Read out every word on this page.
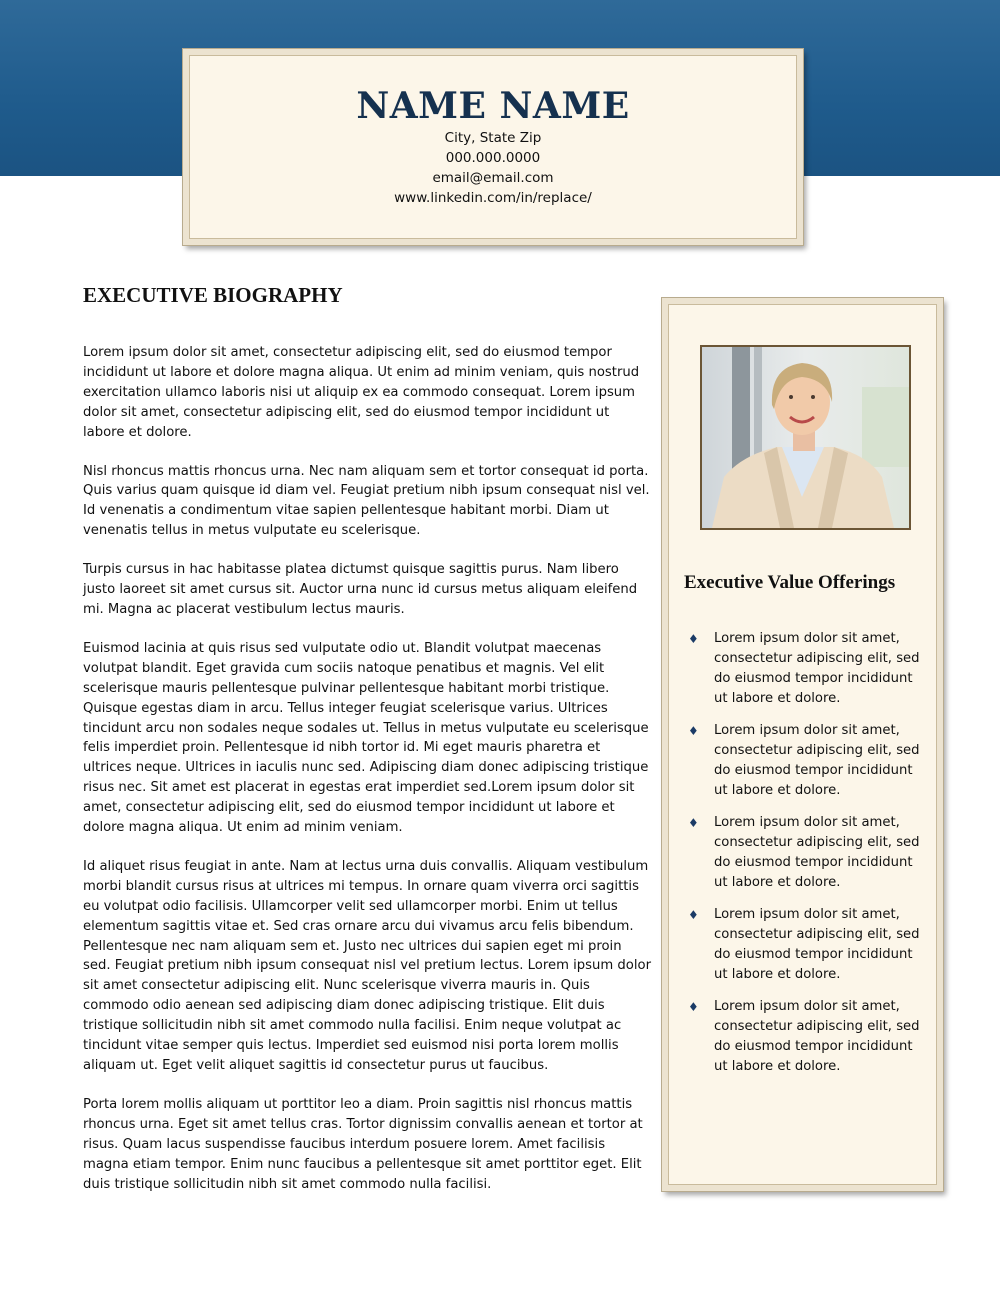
NAME NAME
City, State Zip
000.000.0000
email@email.com
www.linkedin.com/in/replace/
EXECUTIVE BIOGRAPHY

Lorem ipsum dolor sit amet, consectetur adipiscing elit, sed do eiusmod tempor incididunt ut labore et dolore magna aliqua. Ut enim ad minim veniam, quis nostrud exercitation ullamco laboris nisi ut aliquip ex ea commodo consequat. Lorem ipsum dolor sit amet, consectetur adipiscing elit, sed do eiusmod tempor incididunt ut labore et dolore.

Nisl rhoncus mattis rhoncus urna. Nec nam aliquam sem et tortor consequat id porta. Quis varius quam quisque id diam vel. Feugiat pretium nibh ipsum consequat nisl vel. Id venenatis a condimentum vitae sapien pellentesque habitant morbi. Diam ut venenatis tellus in metus vulputate eu scelerisque.

Turpis cursus in hac habitasse platea dictumst quisque sagittis purus. Nam libero justo laoreet sit amet cursus sit. Auctor urna nunc id cursus metus aliquam eleifend mi. Magna ac placerat vestibulum lectus mauris.

Euismod lacinia at quis risus sed vulputate odio ut. Blandit volutpat maecenas volutpat blandit. Eget gravida cum sociis natoque penatibus et magnis. Vel elit scelerisque mauris pellentesque pulvinar pellentesque habitant morbi tristique. Quisque egestas diam in arcu. Tellus integer feugiat scelerisque varius. Ultrices tincidunt arcu non sodales neque sodales ut. Tellus in metus vulputate eu scelerisque felis imperdiet proin. Pellentesque id nibh tortor id. Mi eget mauris pharetra et ultrices neque. Ultrices in iaculis nunc sed. Adipiscing diam donec adipiscing tristique risus nec. Sit amet est placerat in egestas erat imperdiet sed.Lorem ipsum dolor sit amet, consectetur adipiscing elit, sed do eiusmod tempor incididunt ut labore et dolore magna aliqua. Ut enim ad minim veniam.

Id aliquet risus feugiat in ante. Nam at lectus urna duis convallis. Aliquam vestibulum morbi blandit cursus risus at ultrices mi tempus. In ornare quam viverra orci sagittis eu volutpat odio facilisis. Ullamcorper velit sed ullamcorper morbi. Enim ut tellus elementum sagittis vitae et. Sed cras ornare arcu dui vivamus arcu felis bibendum. Pellentesque nec nam aliquam sem et. Justo nec ultrices dui sapien eget mi proin sed. Feugiat pretium nibh ipsum consequat nisl vel pretium lectus. Lorem ipsum dolor sit amet consectetur adipiscing elit. Nunc scelerisque viverra mauris in. Quis commodo odio aenean sed adipiscing diam donec adipiscing tristique. Elit duis tristique sollicitudin nibh sit amet commodo nulla facilisi. Enim neque volutpat ac tincidunt vitae semper quis lectus. Imperdiet sed euismod nisi porta lorem mollis aliquam ut. Eget velit aliquet sagittis id consectetur purus ut faucibus.

Porta lorem mollis aliquam ut porttitor leo a diam. Proin sagittis nisl rhoncus mattis rhoncus urna. Eget sit amet tellus cras. Tortor dignissim convallis aenean et tortor at risus. Quam lacus suspendisse faucibus interdum posuere lorem. Amet facilisis magna etiam tempor. Enim nunc faucibus a pellentesque sit amet porttitor eget. Elit duis tristique sollicitudin nibh sit amet commodo nulla facilisi.

Executive Value Offerings
♦ Lorem ipsum dolor sit amet, consectetur adipiscing elit, sed do eiusmod tempor incididunt ut labore et dolore.
♦ Lorem ipsum dolor sit amet, consectetur adipiscing elit, sed do eiusmod tempor incididunt ut labore et dolore.
♦ Lorem ipsum dolor sit amet, consectetur adipiscing elit, sed do eiusmod tempor incididunt ut labore et dolore.
♦ Lorem ipsum dolor sit amet, consectetur adipiscing elit, sed do eiusmod tempor incididunt ut labore et dolore.
♦ Lorem ipsum dolor sit amet, consectetur adipiscing elit, sed do eiusmod tempor incididunt ut labore et dolore.
